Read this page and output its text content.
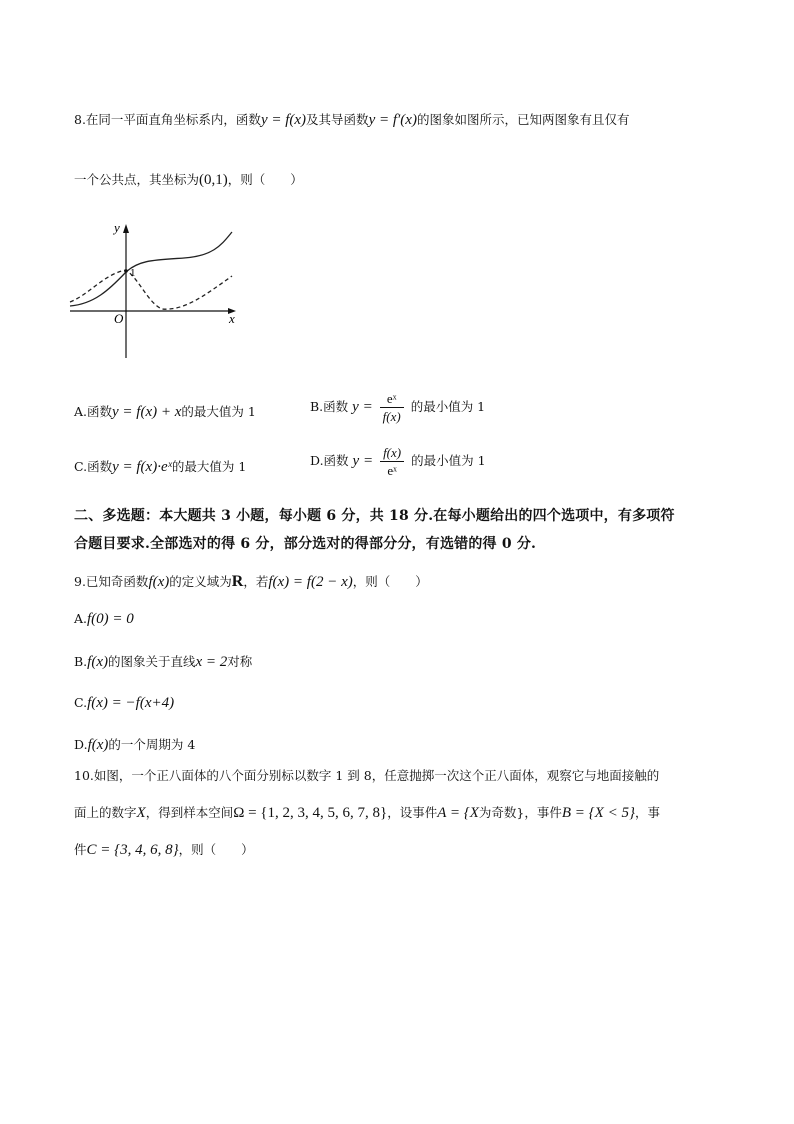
8.在同一平面直角坐标系内，函数y = f(x)及其导函数y = f′(x)的图象如图所示，已知两图象有且仅有
一个公共点，其坐标为(0,1)，则（　　）
y
x
O
1
A.函数y = f(x) + x的最大值为 1	B.函数 $y = \frac{\text{eˣ}}{f(x)}$ 的最小值为 1
C.函数y = f(x)·eˣ的最大值为 1	D.函数 $y = \frac{f(x)}{\text{eˣ}}$ 的最小值为 1
二、多选题：本大题共 3 小题，每小题 6 分，共 18 分.在每小题给出的四个选项中，有多项符
合题目要求.全部选对的得 6 分，部分选对的得部分分，有选错的得 0 分.
9.已知奇函数f(x)的定义域为R，若f(x) = f(2 − x)，则（　　）
A.f(0) = 0
B.f(x)的图象关于直线x = 2对称
C.f(x) = −f(x+4)
D.f(x)的一个周期为 4
10.如图，一个正八面体的八个面分别标以数字 1 到 8，任意抛掷一次这个正八面体，观察它与地面接触的
面上的数字X，得到样本空间Ω = {1, 2, 3, 4, 5, 6, 7, 8}，设事件A = {X为奇数}，事件B = {X < 5}，事
件C = {3, 4, 6, 8}，则（　　）
